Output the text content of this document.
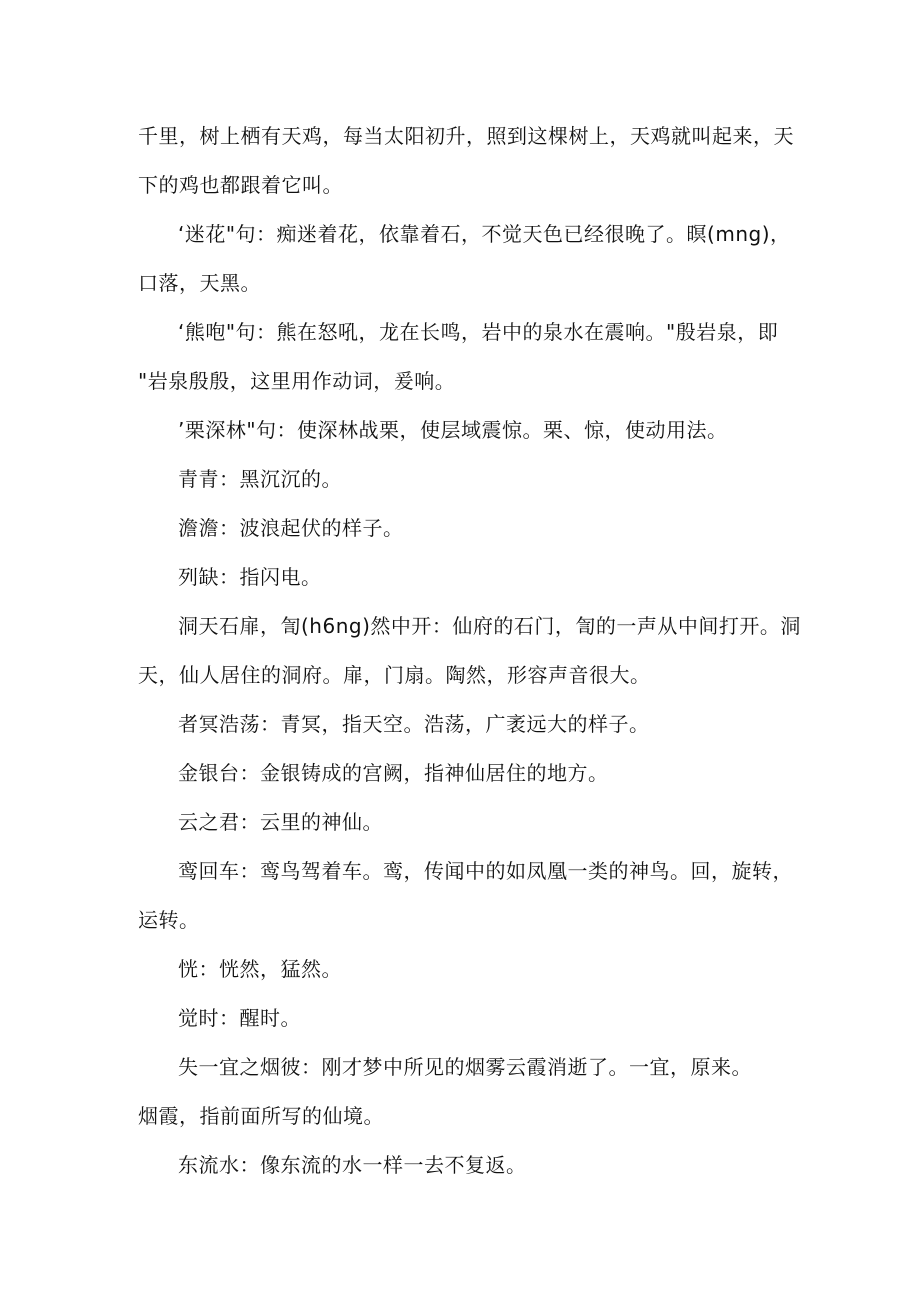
千里，树上栖有天鸡，每当太阳初升，照到这棵树上，天鸡就叫起来，天
下的鸡也都跟着它叫。
‘迷花"句：痴迷着花，依靠着石，不觉天色已经很晚了。暝(mng)，
口落，天黑。
‘熊咆"句：熊在怒吼，龙在长鸣，岩中的泉水在震响。"殷岩泉，即
"岩泉殷殷，这里用作动词，爰响。
’栗深林"句：使深林战栗，使层域震惊。栗、惊，使动用法。
青青：黑沉沉的。
澹澹：波浪起伏的样子。
列缺：指闪电。
洞天石扉，訇(h6ng)然中开：仙府的石门，訇的一声从中间打开。洞
天，仙人居住的洞府。扉，门扇。陶然，形容声音很大。
者冥浩荡：青冥，指天空。浩荡，广袤远大的样子。
金银台：金银铸成的宫阙，指神仙居住的地方。
云之君：云里的神仙。
鸾回车：鸾鸟驾着车。鸾，传闻中的如凤凰一类的神鸟。回，旋转，
运转。
恍：恍然，猛然。
觉时：醒时。
失一宜之烟彼：刚才梦中所见的烟雾云霞消逝了。一宜，原来。
烟霞，指前面所写的仙境。
东流水：像东流的水一样一去不复返。
